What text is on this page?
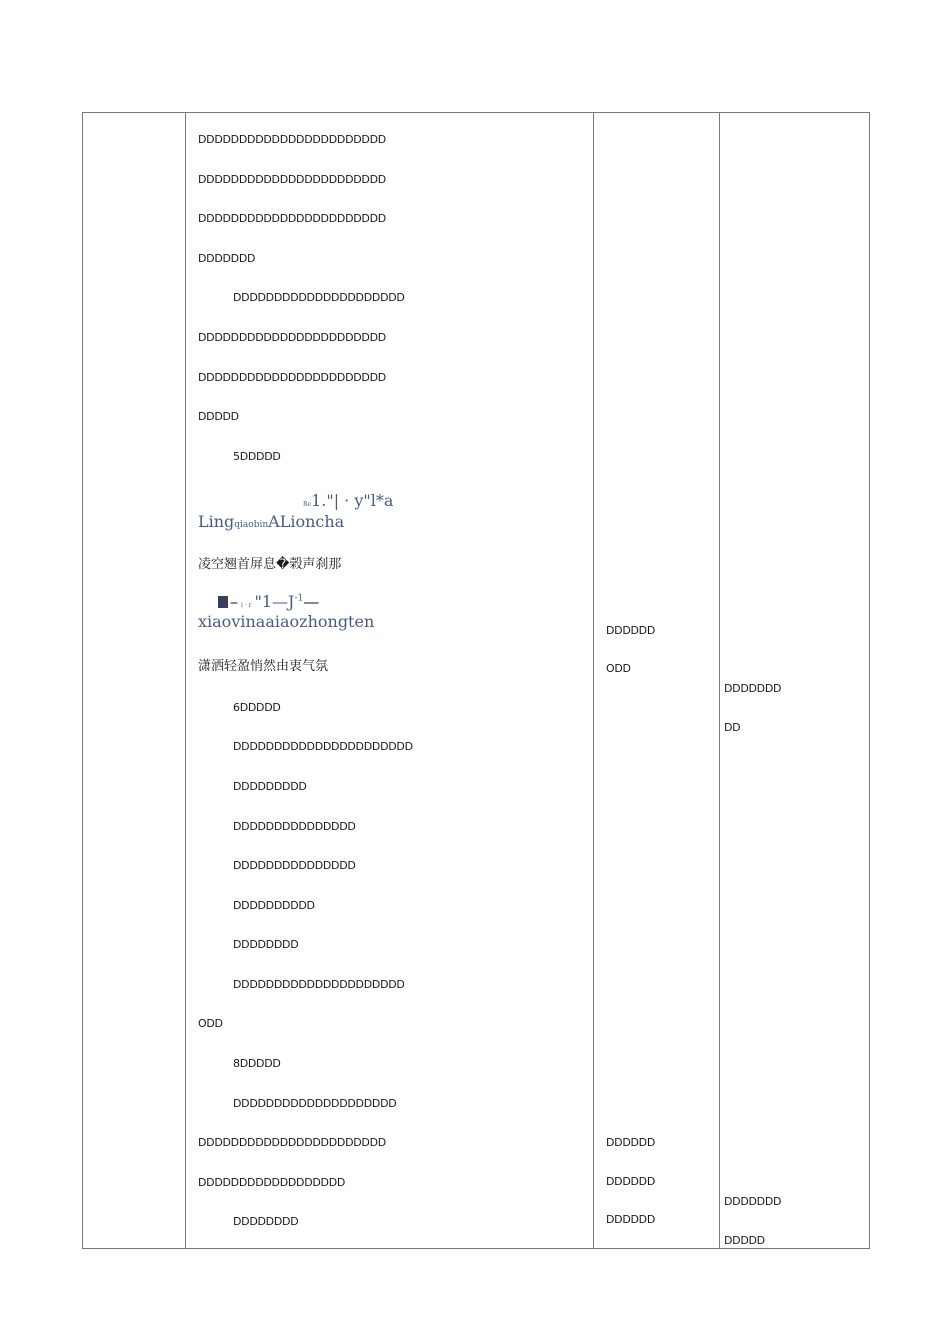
DDDDDDDDDDDDDDDDDDDDDDD
DDDDDDDDDDDDDDDDDDDDDDD
DDDDDDDDDDDDDDDDDDDDDDD
DDDDDDD
DDDDDDDDDDDDDDDDDDDDD
DDDDDDDDDDDDDDDDDDDDDDD
DDDDDDDDDDDDDDDDDDDDDDD
DDDDD
5DDDDD
Re1."| · y"l*a
LingqiaobinALioncha
凌空翘首屏息�榖声刹那
– i · r "$1—J^{-1}—$
xiaovinaaiaozhongten
潇洒轻盈悄然由衷气氛
6DDDDD
DDDDDDDDDDDDDDDDDDDDDD
DDDDDDDDD
DDDDDDDDDDDDDDD
DDDDDDDDDDDDDDD
DDDDDDDDDD
DDDDDDDD
DDDDDDDDDDDDDDDDDDDDD
ODD
8DDDDD
DDDDDDDDDDDDDDDDDDDD
DDDDDDDDDDDDDDDDDDDDDDD
DDDDDDDDDDDDDDDDDD
DDDDDDDD
DDDDDD
ODD
DDDDDD
DDDDDD
DDDDDD
DDDDDDD
DD
DDDDDDD
DDDDD
